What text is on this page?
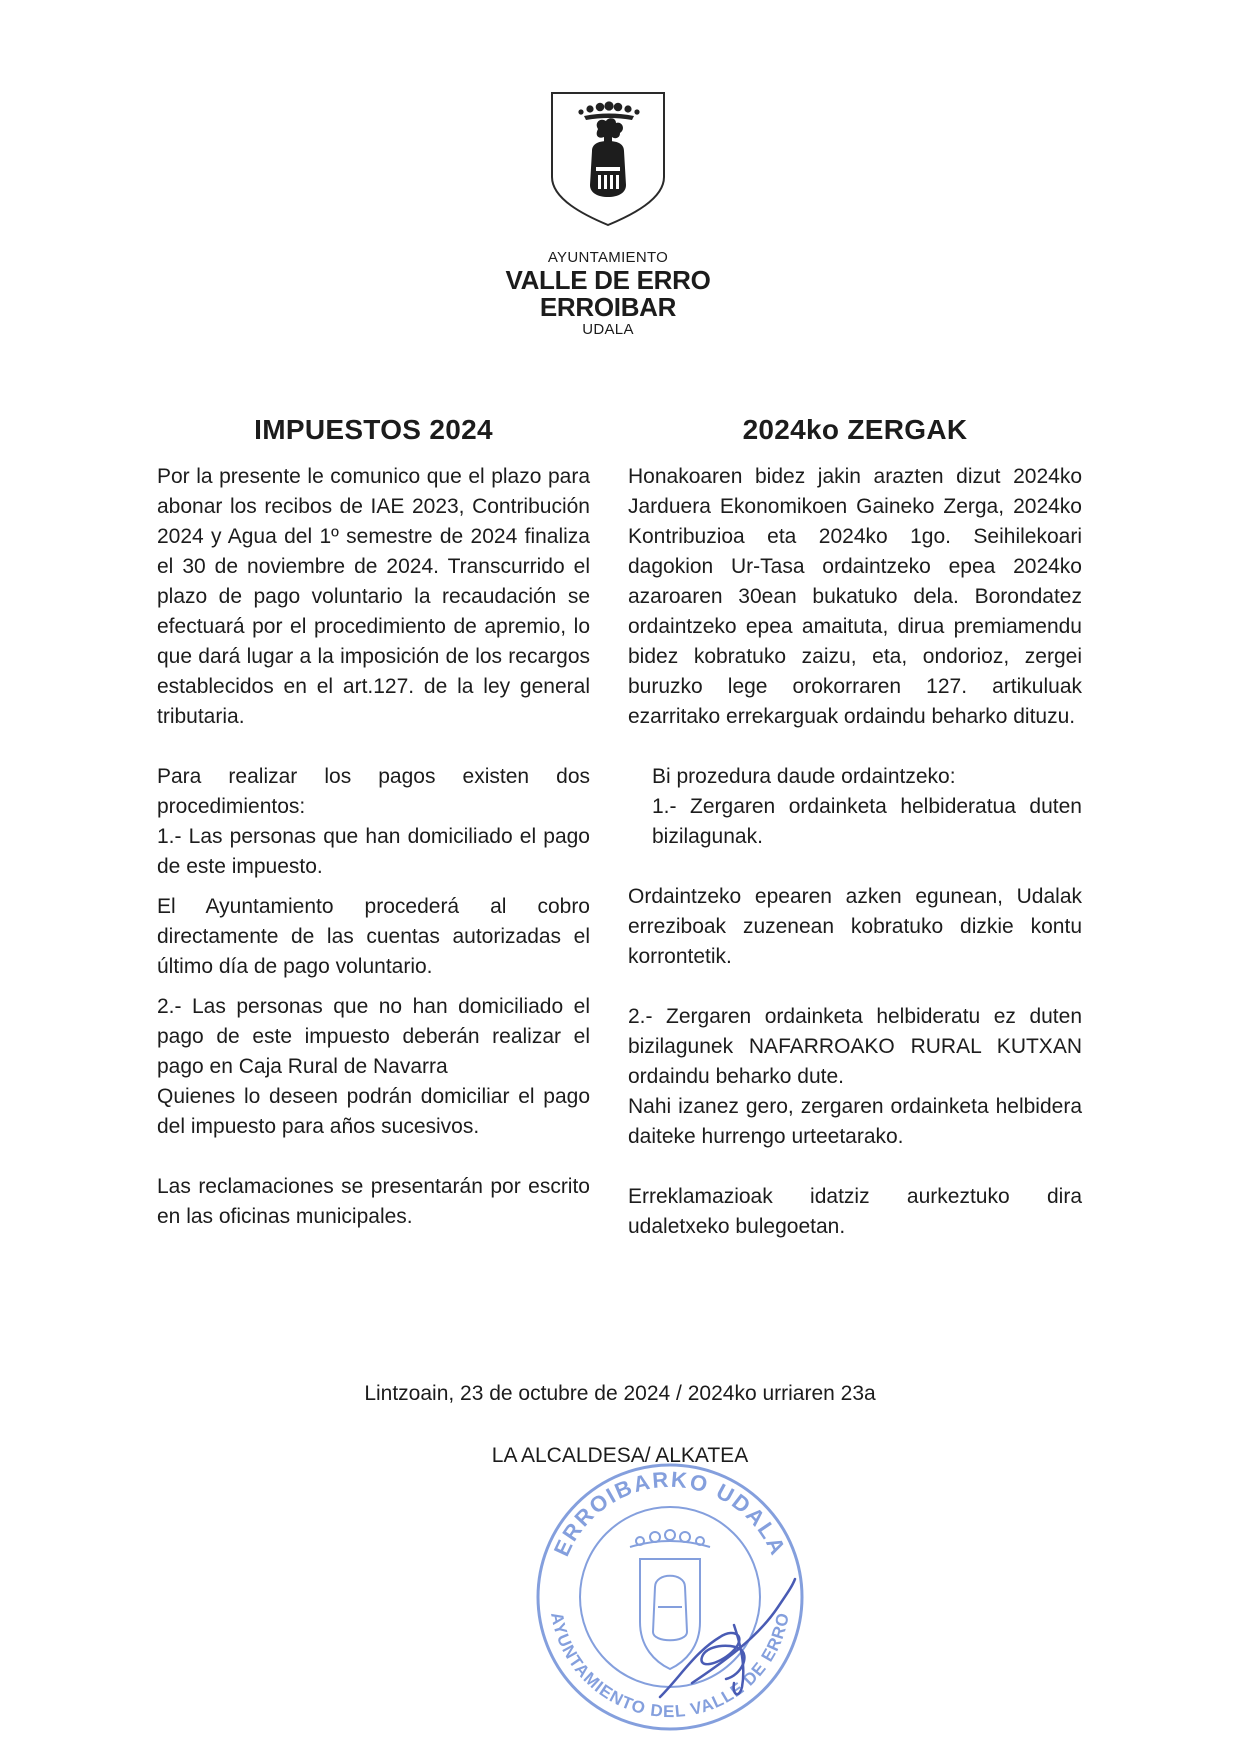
AYUNTAMIENTO
VALLE DE ERRO
ERROIBAR
UDALA
IMPUESTOS 2024

Por la presente le comunico que el plazo para abonar los recibos de IAE 2023, Contribución 2024 y Agua del 1º semestre de 2024 finaliza el 30 de noviembre de 2024. Transcurrido el plazo de pago voluntario la recaudación se efectuará por el procedimiento de apremio, lo que dará lugar a la imposición de los recargos establecidos en el art.127. de la ley general tributaria.

Para realizar los pagos existen dos procedimientos:

1.- Las personas que han domiciliado el pago de este impuesto.

El Ayuntamiento procederá al cobro directamente de las cuentas autorizadas el último día de pago voluntario.

2.- Las personas que no han domiciliado el pago de este impuesto deberán realizar el pago en Caja Rural de Navarra

Quienes lo deseen podrán domiciliar el pago del impuesto para años sucesivos.

Las reclamaciones se presentarán por escrito en las oficinas municipales.

2024ko ZERGAK

Honakoaren bidez jakin arazten dizut 2024ko Jarduera Ekonomikoen Gaineko Zerga, 2024ko Kontribuzioa eta 2024ko 1go. Seihilekoari dagokion Ur-Tasa ordaintzeko epea 2024ko azaroaren 30ean bukatuko dela. Borondatez ordaintzeko epea amaituta, dirua premiamendu bidez kobratuko zaizu, eta, ondorioz, zergei buruzko lege orokorraren 127. artikuluak ezarritako errekarguak ordaindu beharko dituzu.

Bi prozedura daude ordaintzeko:

1.- Zergaren ordainketa helbideratua duten bizilagunak.

Ordaintzeko epearen azken egunean, Udalak erreziboak zuzenean kobratuko dizkie kontu korrontetik.

2.- Zergaren ordainketa helbideratu ez duten bizilagunek NAFARROAKO RURAL KUTXAN ordaindu beharko dute.

Nahi izanez gero, zergaren ordainketa helbidera daiteke hurrengo urteetarako.

Erreklamazioak idatziz aurkeztuko dira udaletxeko bulegoetan.

Lintzoain, 23 de octubre de 2024 / 2024ko urriaren 23a
ERROIBARKO UDALA
AYUNTAMIENTO DEL VALLE DE ERRO
LA ALCALDESA/ ALKATEA
